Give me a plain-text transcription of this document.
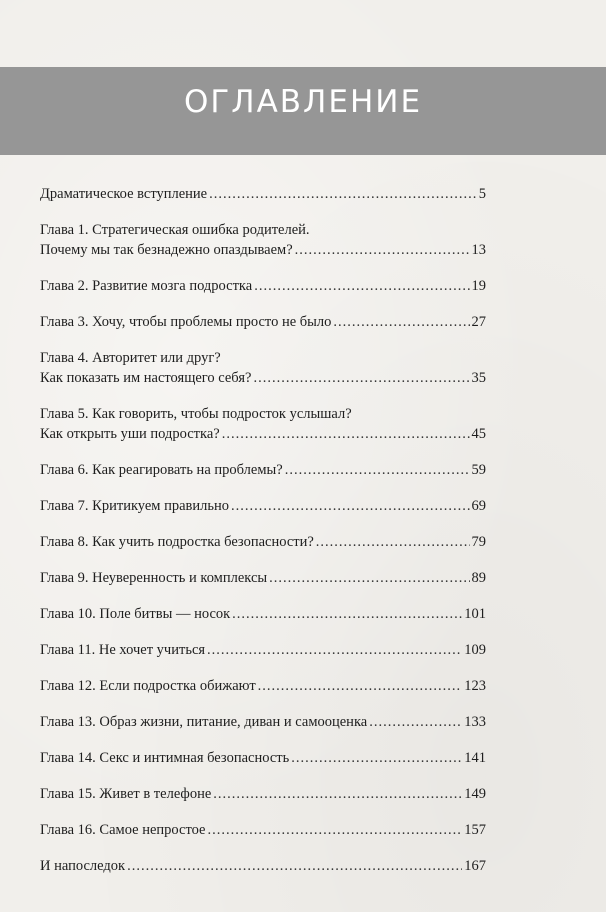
ОГЛАВЛЕНИЕ
Драматическое вступление .....	5
Глава 1. Стратегическая ошибка родителей.
Почему мы так безнадежно опаздываем? .....	13
Глава 2. Развитие мозга подростка .....	19
Глава 3. Хочу, чтобы проблемы просто не было .....	27
Глава 4. Авторитет или друг?
Как показать им настоящего себя? .....	35
Глава 5. Как говорить, чтобы подросток услышал?
Как открыть уши подростка? .....	45
Глава 6. Как реагировать на проблемы? .....	59
Глава 7. Критикуем правильно .....	69
Глава 8. Как учить подростка безопасности? .....	79
Глава 9. Неуверенность и комплексы .....	89
Глава 10. Поле битвы — носок .....	101
Глава 11. Не хочет учиться .....	109
Глава 12. Если подростка обижают .....	123
Глава 13. Образ жизни, питание, диван и самооценка .....	133
Глава 14. Секс и интимная безопасность .....	141
Глава 15. Живет в телефоне .....	149
Глава 16. Самое непростое .....	157
И напоследок .....	167
